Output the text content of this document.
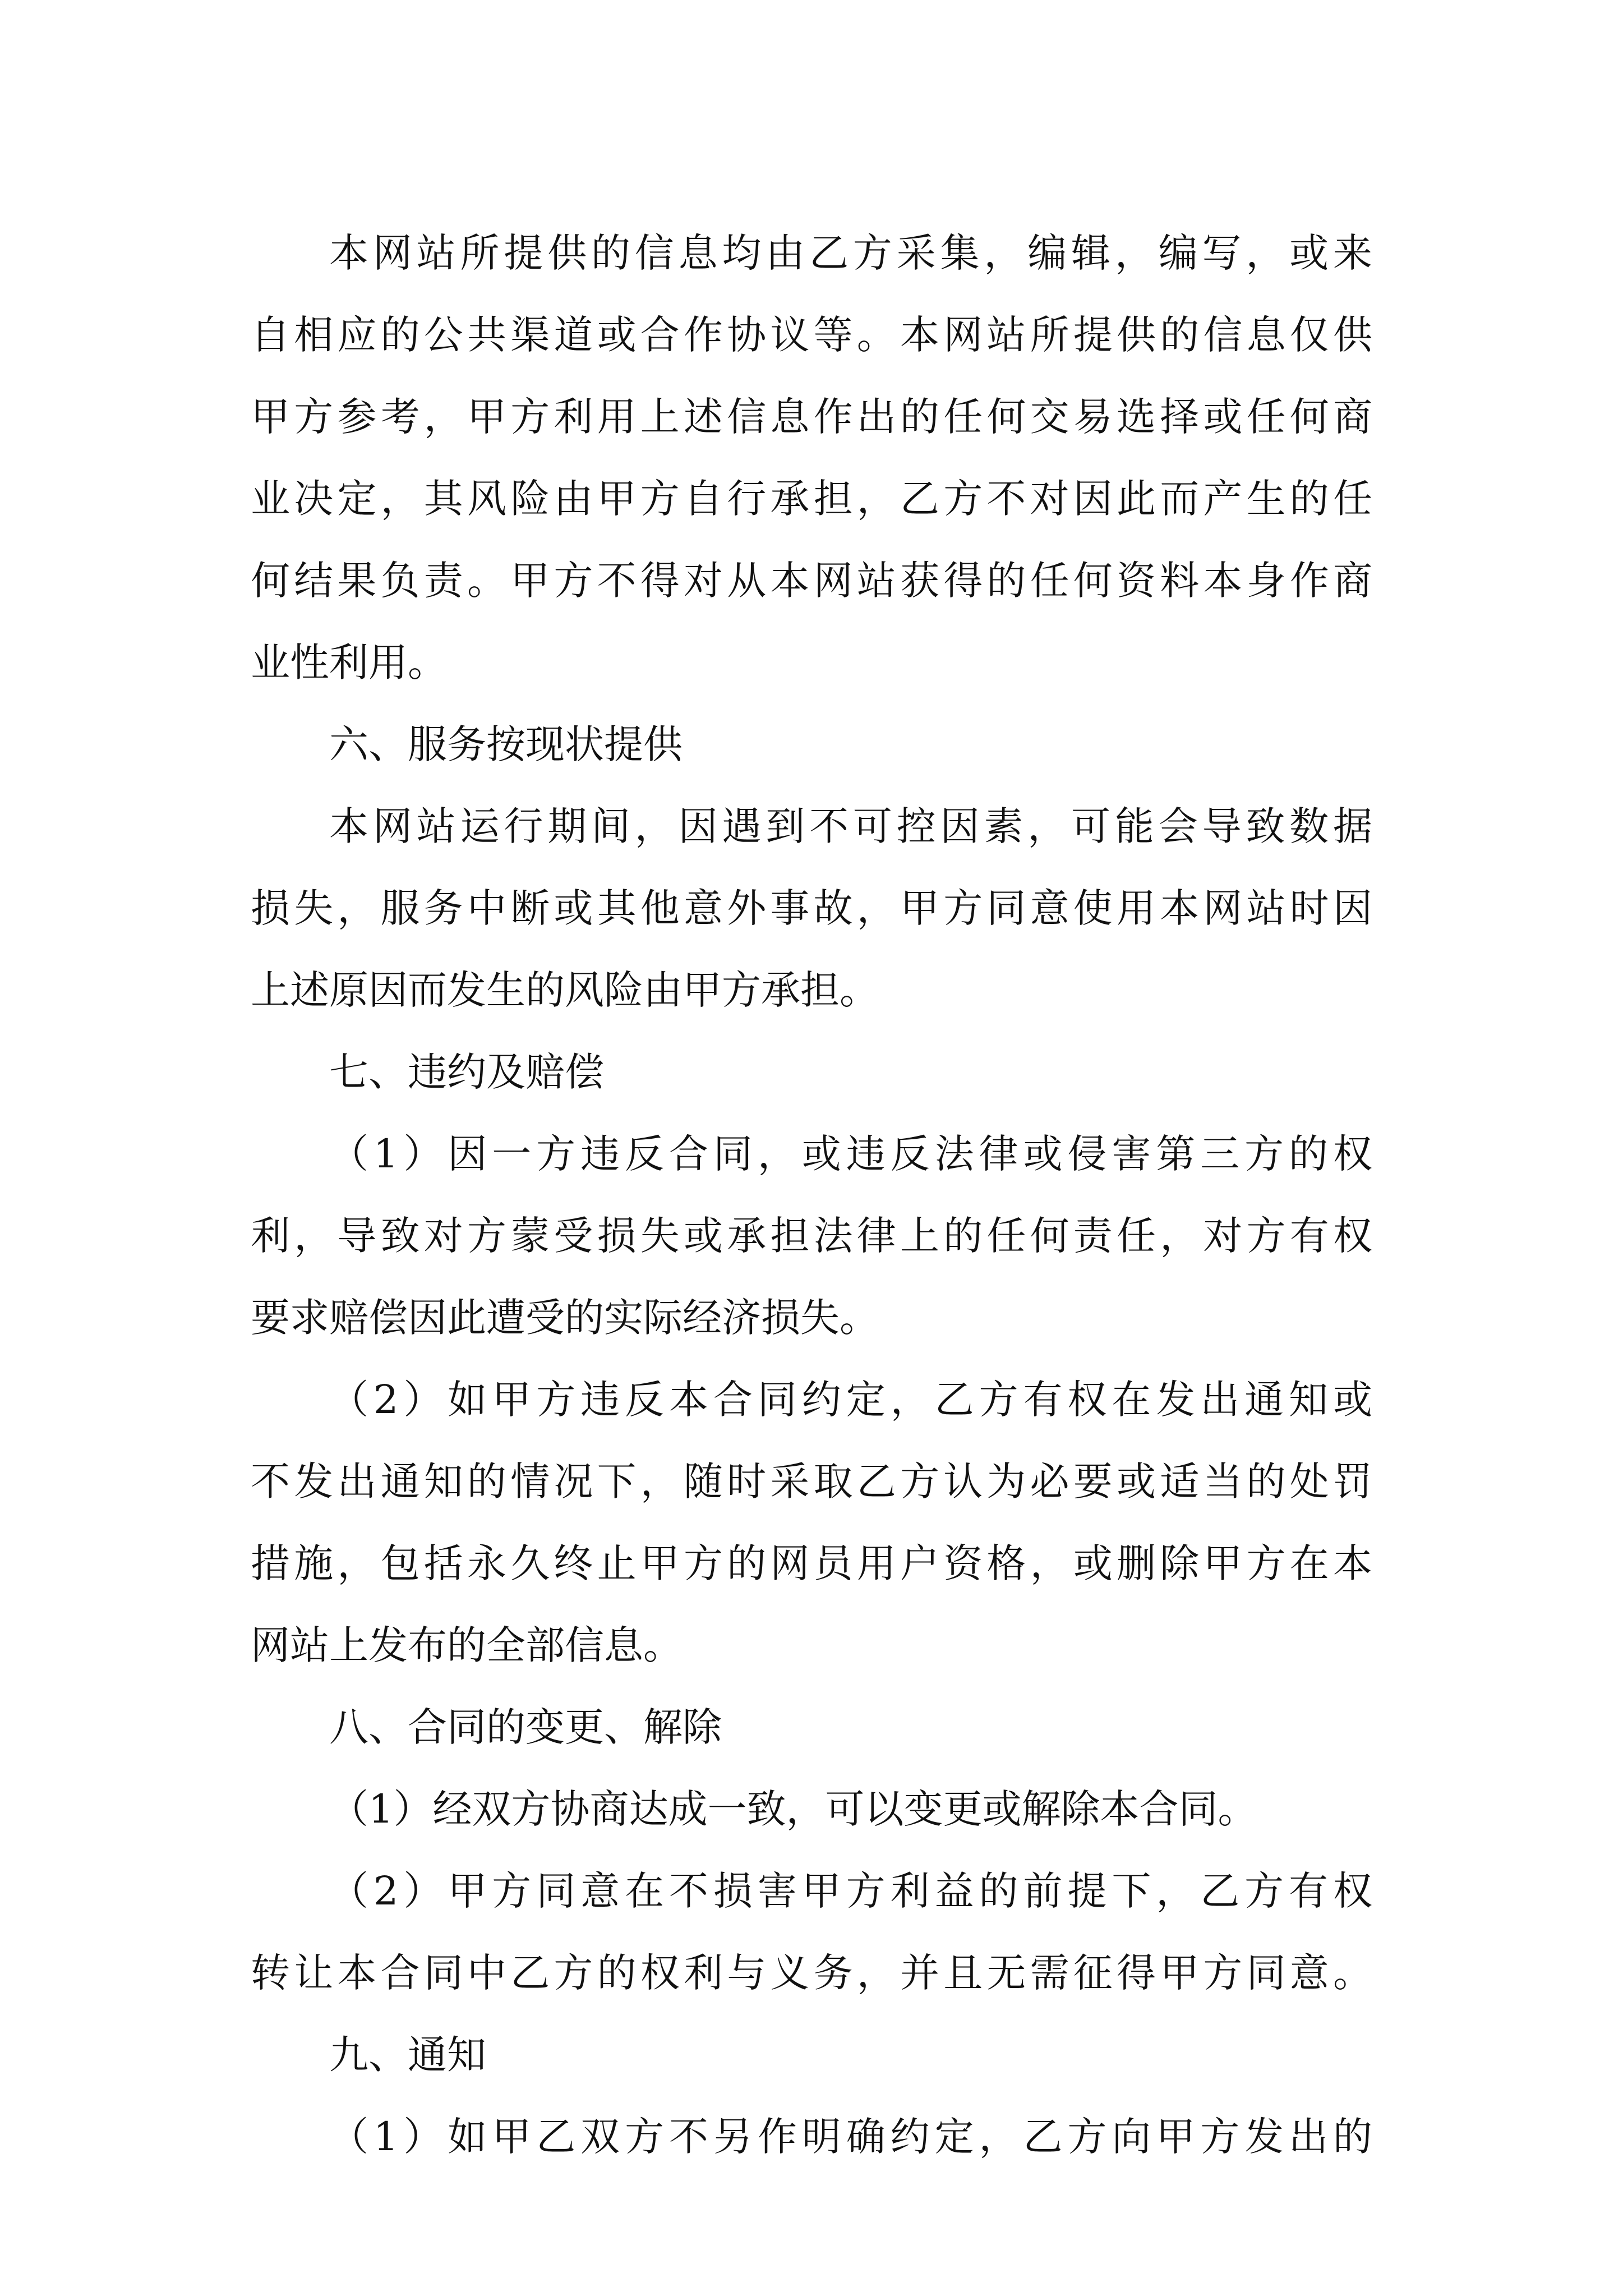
本网站所提供的信息均由乙方采集，编辑，编写，或来
自相应的公共渠道或合作协议等。本网站所提供的信息仅供
甲方参考，甲方利用上述信息作出的任何交易选择或任何商
业决定，其风险由甲方自行承担，乙方不对因此而产生的任
何结果负责。甲方不得对从本网站获得的任何资料本身作商
业性利用。
六、服务按现状提供
本网站运行期间，因遇到不可控因素，可能会导致数据
损失，服务中断或其他意外事故，甲方同意使用本网站时因
上述原因而发生的风险由甲方承担。
七、违约及赔偿
（1）因一方违反合同，或违反法律或侵害第三方的权
利，导致对方蒙受损失或承担法律上的任何责任，对方有权
要求赔偿因此遭受的实际经济损失。
（2）如甲方违反本合同约定，乙方有权在发出通知或
不发出通知的情况下，随时采取乙方认为必要或适当的处罚
措施，包括永久终止甲方的网员用户资格，或删除甲方在本
网站上发布的全部信息。
八、合同的变更、解除
（1）经双方协商达成一致，可以变更或解除本合同。
（2）甲方同意在不损害甲方利益的前提下，乙方有权
转让本合同中乙方的权利与义务，并且无需征得甲方同意。
九、通知
（1）如甲乙双方不另作明确约定，乙方向甲方发出的
